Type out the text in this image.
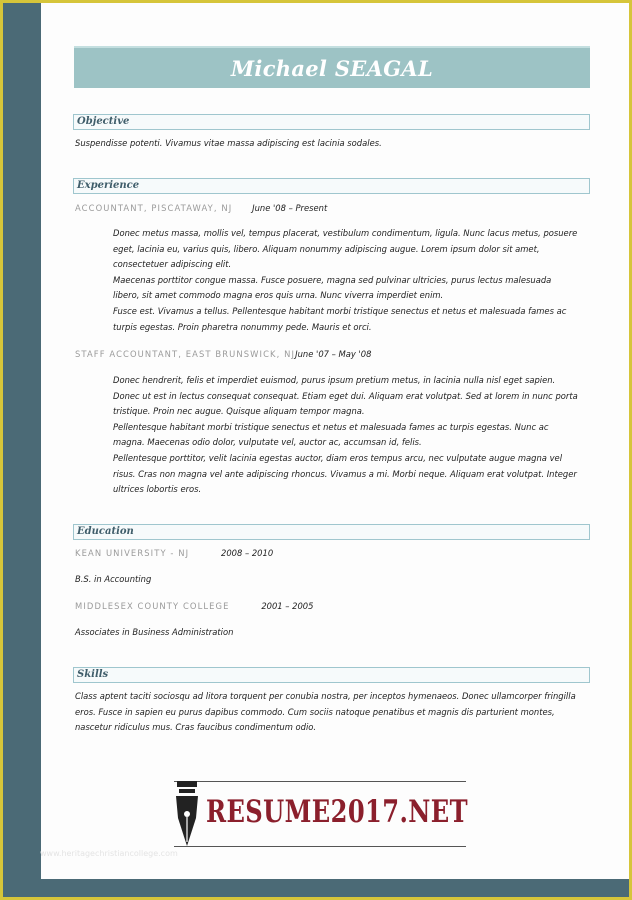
Michael SEAGAL
Objective
Suspendisse potenti. Vivamus vitae massa adipiscing est lacinia sodales.
Experience
ACCOUNTANT, PISCATAWAY, NJ June '08 – Present
Donec metus massa, mollis vel, tempus placerat, vestibulum condimentum, ligula. Nunc lacus metus, posuere
eget, lacinia eu, varius quis, libero. Aliquam nonummy adipiscing augue. Lorem ipsum dolor sit amet,
consectetuer adipiscing elit.
Maecenas porttitor congue massa. Fusce posuere, magna sed pulvinar ultricies, purus lectus malesuada
libero, sit amet commodo magna eros quis urna. Nunc viverra imperdiet enim.
Fusce est. Vivamus a tellus. Pellentesque habitant morbi tristique senectus et netus et malesuada fames ac
turpis egestas. Proin pharetra nonummy pede. Mauris et orci.
STAFF ACCOUNTANT, EAST BRUNSWICK, NJJune '07 – May '08
Donec hendrerit, felis et imperdiet euismod, purus ipsum pretium metus, in lacinia nulla nisl eget sapien.
Donec ut est in lectus consequat consequat. Etiam eget dui. Aliquam erat volutpat. Sed at lorem in nunc porta
tristique. Proin nec augue. Quisque aliquam tempor magna.
Pellentesque habitant morbi tristique senectus et netus et malesuada fames ac turpis egestas. Nunc ac
magna. Maecenas odio dolor, vulputate vel, auctor ac, accumsan id, felis.
Pellentesque porttitor, velit lacinia egestas auctor, diam eros tempus arcu, nec vulputate augue magna vel
risus. Cras non magna vel ante adipiscing rhoncus. Vivamus a mi. Morbi neque. Aliquam erat volutpat. Integer
ultrices lobortis eros.
Education
KEAN UNIVERSITY - NJ	2008 – 2010
B.S. in Accounting
MIDDLESEX COUNTY COLLEGE	2001 – 2005
Associates in Business Administration
Skills
Class aptent taciti sociosqu ad litora torquent per conubia nostra, per inceptos hymenaeos. Donec ullamcorper fringilla
eros. Fusce in sapien eu purus dapibus commodo. Cum sociis natoque penatibus et magnis dis parturient montes,
nascetur ridiculus mus. Cras faucibus condimentum odio.
RESUME2017.NET
www.heritagechristiancollege.com
